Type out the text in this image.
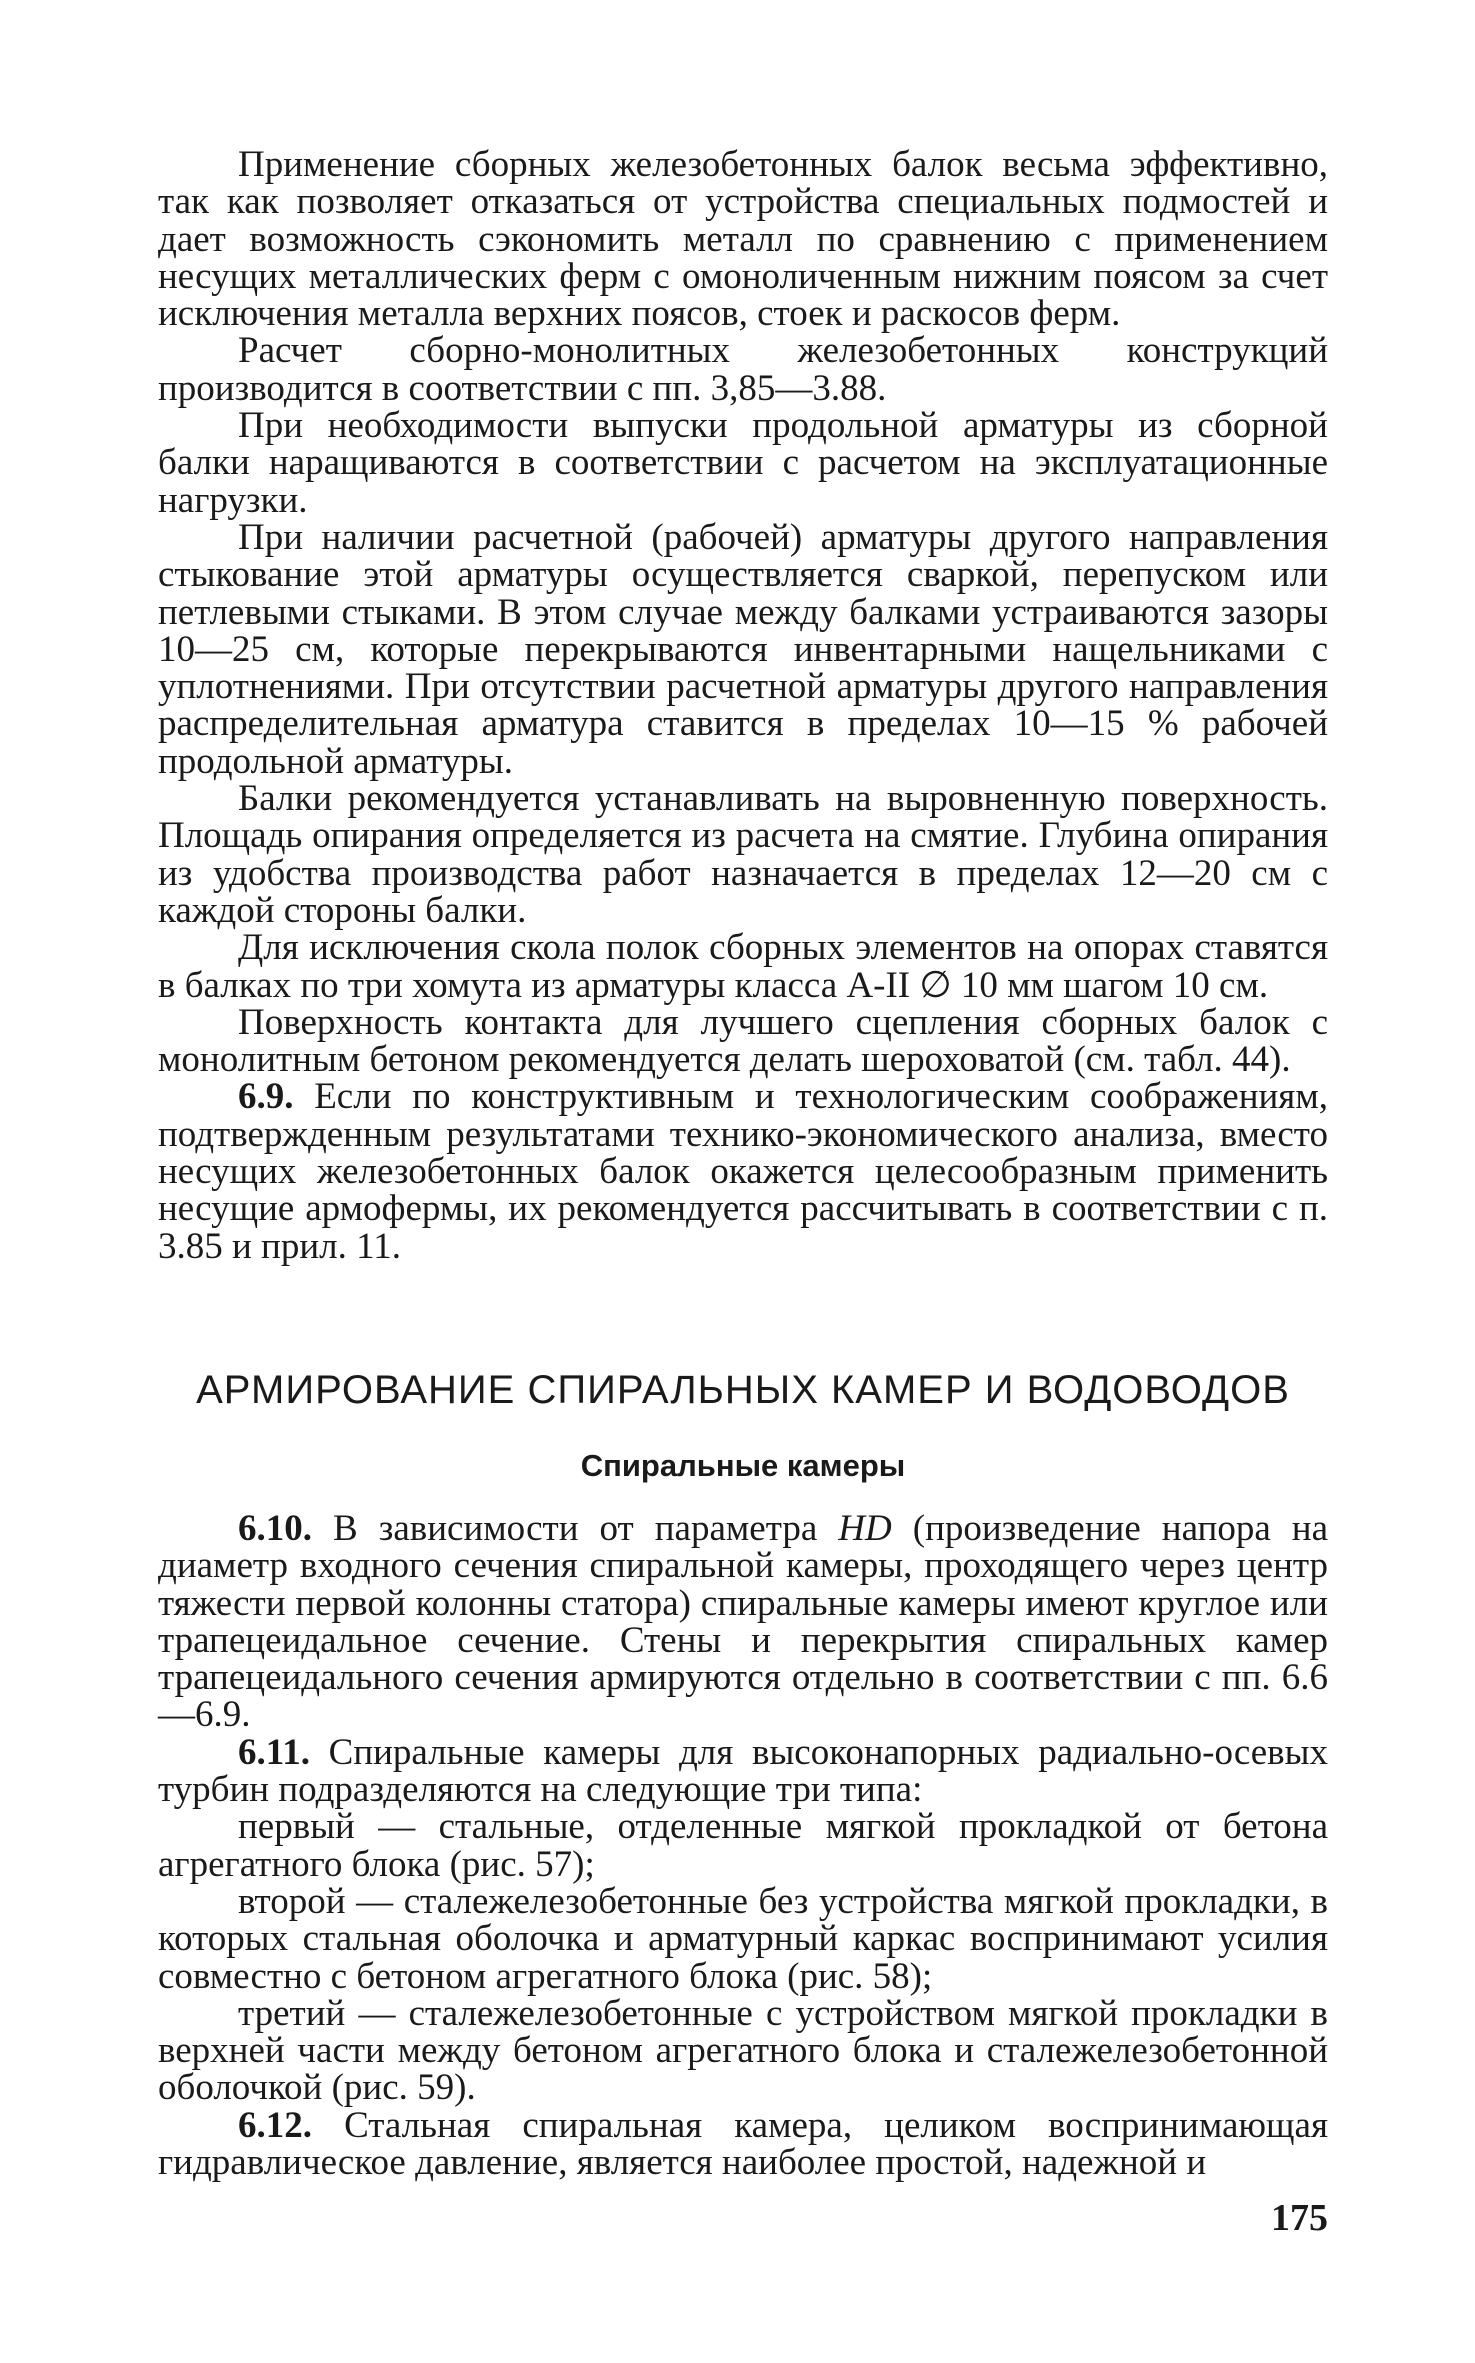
Применение сборных железобетонных балок весьма эффективно, так как позволяет отказаться от устройства специальных подмостей и дает возможность сэкономить металл по сравнению с применением несущих металлических ферм с омоноличенным нижним поясом за счет исключения металла верхних поясов, стоек и раскосов ферм.

Расчет сборно-монолитных железобетонных конструкций производится в соответствии с пп. 3,85—3.88.

При необходимости выпуски продольной арматуры из сборной балки наращиваются в соответствии с расчетом на эксплуатационные нагрузки.

При наличии расчетной (рабочей) арматуры другого направления стыкование этой арматуры осуществляется сваркой, перепуском или петлевыми стыками. В этом случае между балками устраиваются зазоры 10—25 см, которые перекрываются инвентарными нащельниками с уплотнениями. При отсутствии расчетной арматуры другого направления распределительная арматура ставится в пределах 10—15 % рабочей продольной арматуры.

Балки рекомендуется устанавливать на выровненную поверхность. Площадь опирания определяется из расчета на смятие. Глубина опирания из удобства производства работ назначается в пределах 12—20 см с каждой стороны балки.

Для исключения скола полок сборных элементов на опорах ставятся в балках по три хомута из арматуры класса А-II ∅ 10 мм шагом 10 см.

Поверхность контакта для лучшего сцепления сборных балок с монолитным бетоном рекомендуется делать шероховатой (см. табл. 44).

6.9. Если по конструктивным и технологическим соображениям, подтвержденным результатами технико-экономического анализа, вместо несущих железобетонных балок окажется целесообразным применить несущие армофермы, их рекомендуется рассчитывать в соответствии с п. 3.85 и прил. 11.

АРМИРОВАНИЕ СПИРАЛЬНЫХ КАМЕР И ВОДОВОДОВ
Спиральные камеры

6.10. В зависимости от параметра HD (произведение напора на диаметр входного сечения спиральной камеры, проходящего через центр тяжести первой колонны статора) спиральные камеры имеют круглое или трапецеидальное сечение. Стены и перекрытия спиральных камер трапецеидального сечения армируются отдельно в соответствии с пп. 6.6—6.9.

6.11. Спиральные камеры для высоконапорных радиально-осевых турбин подразделяются на следующие три типа:

первый — стальные, отделенные мягкой прокладкой от бетона агрегатного блока (рис. 57);

второй — сталежелезобетонные без устройства мягкой прокладки, в которых стальная оболочка и арматурный каркас воспринимают усилия совместно с бетоном агрегатного блока (рис. 58);

третий — сталежелезобетонные с устройством мягкой прокладки в верхней части между бетоном агрегатного блока и сталежелезобетонной оболочкой (рис. 59).

6.12. Стальная спиральная камера, целиком воспринимающая гидравлическое давление, является наиболее простой, надежной и

175
